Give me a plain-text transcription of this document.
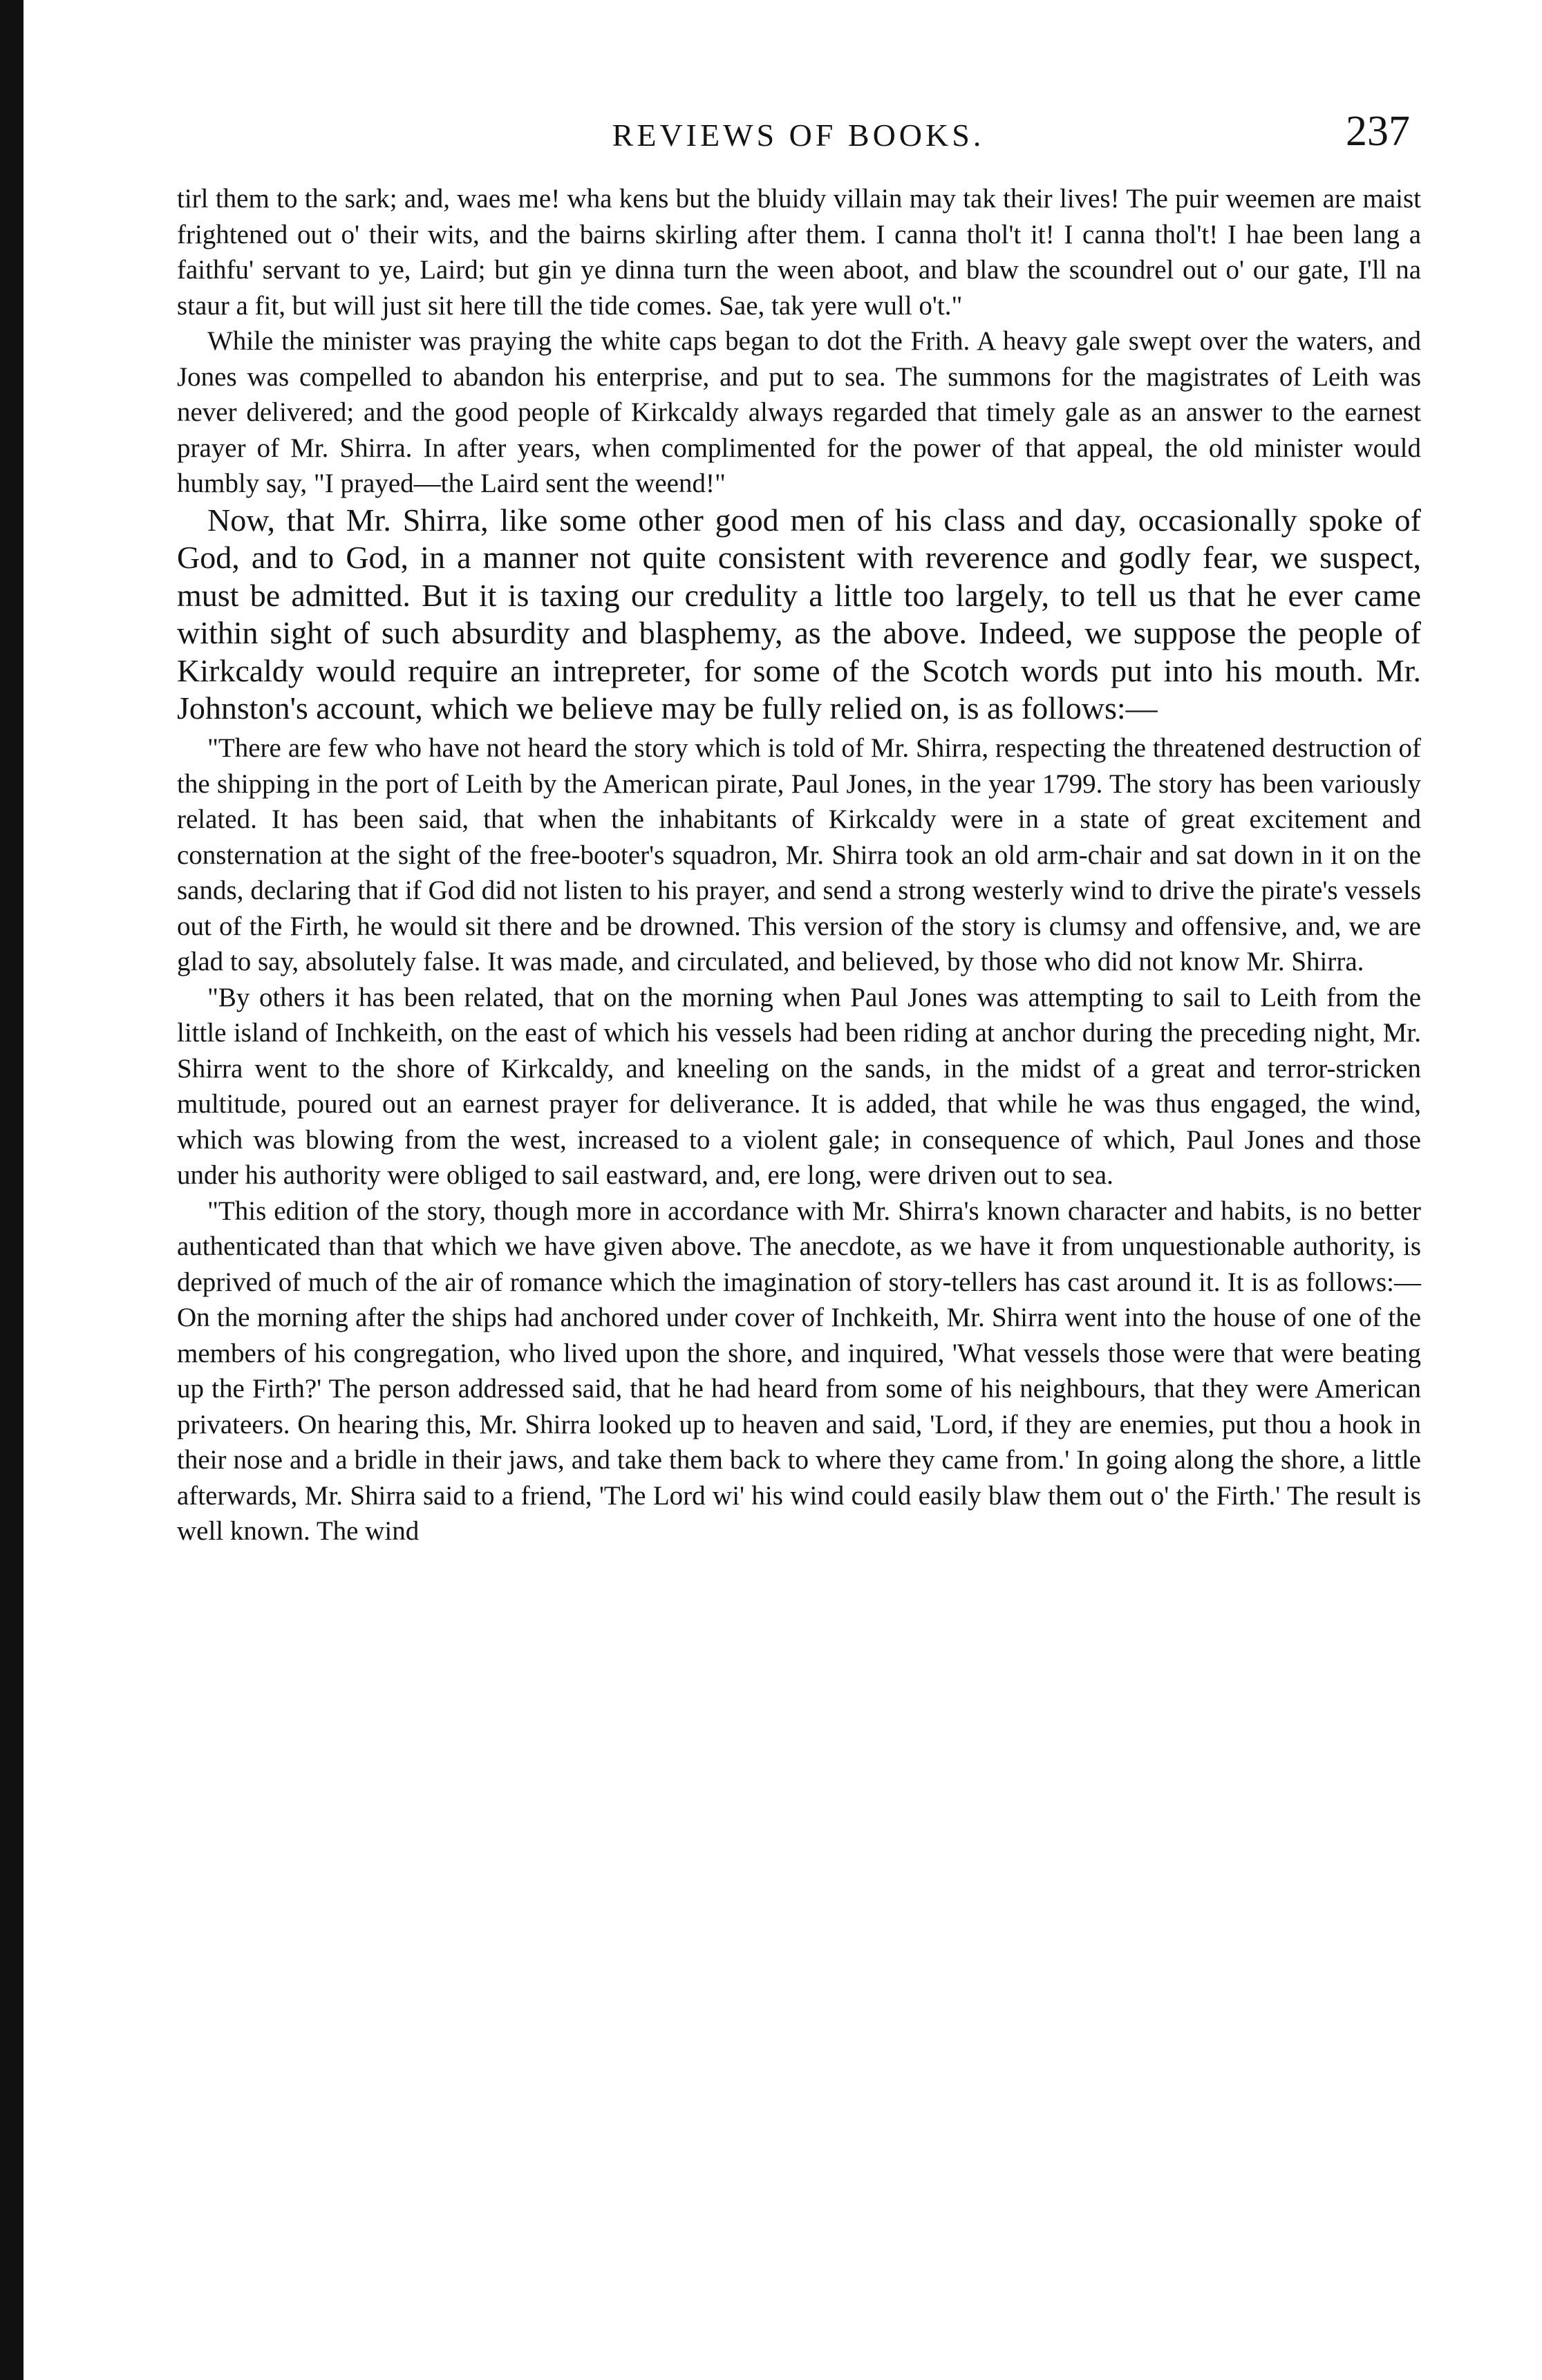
REVIEWS OF BOOKS.	237

tirl them to the sark; and, waes me! wha kens but the bluidy villain may tak their lives! The puir weemen are maist frightened out o' their wits, and the bairns skirling after them. I canna thol't it! I canna thol't! I hae been lang a faithfu' servant to ye, Laird; but gin ye dinna turn the ween aboot, and blaw the scoundrel out o' our gate, I'll na staur a fit, but will just sit here till the tide comes. Sae, tak yere wull o't."

While the minister was praying the white caps began to dot the Frith. A heavy gale swept over the waters, and Jones was compelled to abandon his enterprise, and put to sea. The summons for the magistrates of Leith was never delivered; and the good people of Kirkcaldy always regarded that timely gale as an answer to the earnest prayer of Mr. Shirra. In after years, when complimented for the power of that appeal, the old minister would humbly say, "I prayed—the Laird sent the weend!"

Now, that Mr. Shirra, like some other good men of his class and day, occasionally spoke of God, and to God, in a manner not quite consistent with reverence and godly fear, we suspect, must be admitted. But it is taxing our credulity a little too largely, to tell us that he ever came within sight of such absurdity and blasphemy, as the above. Indeed, we suppose the people of Kirkcaldy would require an intrepreter, for some of the Scotch words put into his mouth. Mr. Johnston's account, which we believe may be fully relied on, is as follows:—

"There are few who have not heard the story which is told of Mr. Shirra, respecting the threatened destruction of the shipping in the port of Leith by the American pirate, Paul Jones, in the year 1799. The story has been variously related. It has been said, that when the inhabitants of Kirkcaldy were in a state of great excitement and consternation at the sight of the free-booter's squadron, Mr. Shirra took an old arm-chair and sat down in it on the sands, declaring that if God did not listen to his prayer, and send a strong westerly wind to drive the pirate's vessels out of the Firth, he would sit there and be drowned. This version of the story is clumsy and offensive, and, we are glad to say, absolutely false. It was made, and circulated, and believed, by those who did not know Mr. Shirra.

"By others it has been related, that on the morning when Paul Jones was attempting to sail to Leith from the little island of Inchkeith, on the east of which his vessels had been riding at anchor during the preceding night, Mr. Shirra went to the shore of Kirkcaldy, and kneeling on the sands, in the midst of a great and terror-stricken multitude, poured out an earnest prayer for deliverance. It is added, that while he was thus engaged, the wind, which was blowing from the west, increased to a violent gale; in consequence of which, Paul Jones and those under his authority were obliged to sail eastward, and, ere long, were driven out to sea.

"This edition of the story, though more in accordance with Mr. Shirra's known character and habits, is no better authenticated than that which we have given above. The anecdote, as we have it from unquestionable authority, is deprived of much of the air of romance which the imagination of story-tellers has cast around it. It is as follows:—On the morning after the ships had anchored under cover of Inchkeith, Mr. Shirra went into the house of one of the members of his congregation, who lived upon the shore, and inquired, 'What vessels those were that were beating up the Firth?' The person addressed said, that he had heard from some of his neighbours, that they were American privateers. On hearing this, Mr. Shirra looked up to heaven and said, 'Lord, if they are enemies, put thou a hook in their nose and a bridle in their jaws, and take them back to where they came from.' In going along the shore, a little afterwards, Mr. Shirra said to a friend, 'The Lord wi' his wind could easily blaw them out o' the Firth.' The result is well known. The wind
